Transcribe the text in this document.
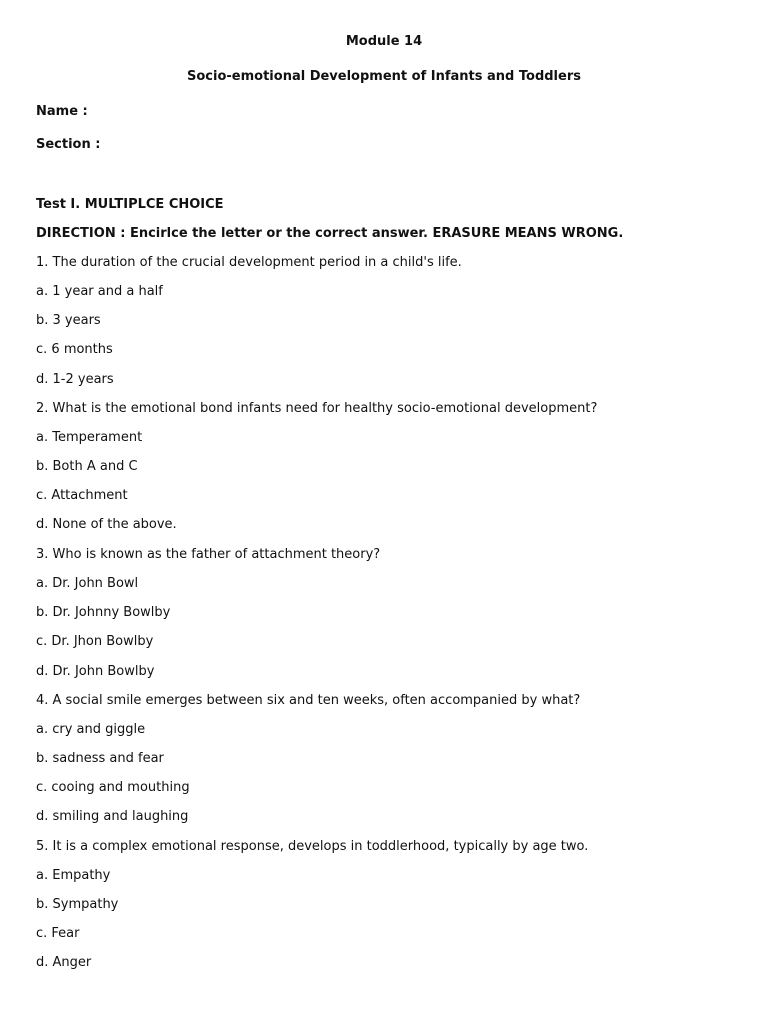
Module 14
Socio-emotional Development of Infants and Toddlers
Name :
Section :
Test I. MULTIPLCE CHOICE
DIRECTION : Encirlce the letter or the correct answer. ERASURE MEANS WRONG.
1. The duration of the crucial development period in a child's life.
a. 1 year and a half
b. 3 years
c. 6 months
d. 1-2 years
2. What is the emotional bond infants need for healthy socio-emotional development?
a. Temperament
b. Both A and C
c. Attachment
d. None of the above.
3. Who is known as the father of attachment theory?
a. Dr. John Bowl
b. Dr. Johnny Bowlby
c. Dr. Jhon Bowlby
d. Dr. John Bowlby
4. A social smile emerges between six and ten weeks, often accompanied by what?
a. cry and giggle
b. sadness and fear
c. cooing and mouthing
d. smiling and laughing
5. It is a complex emotional response, develops in toddlerhood, typically by age two.
a. Empathy
b. Sympathy
c. Fear
d. Anger
